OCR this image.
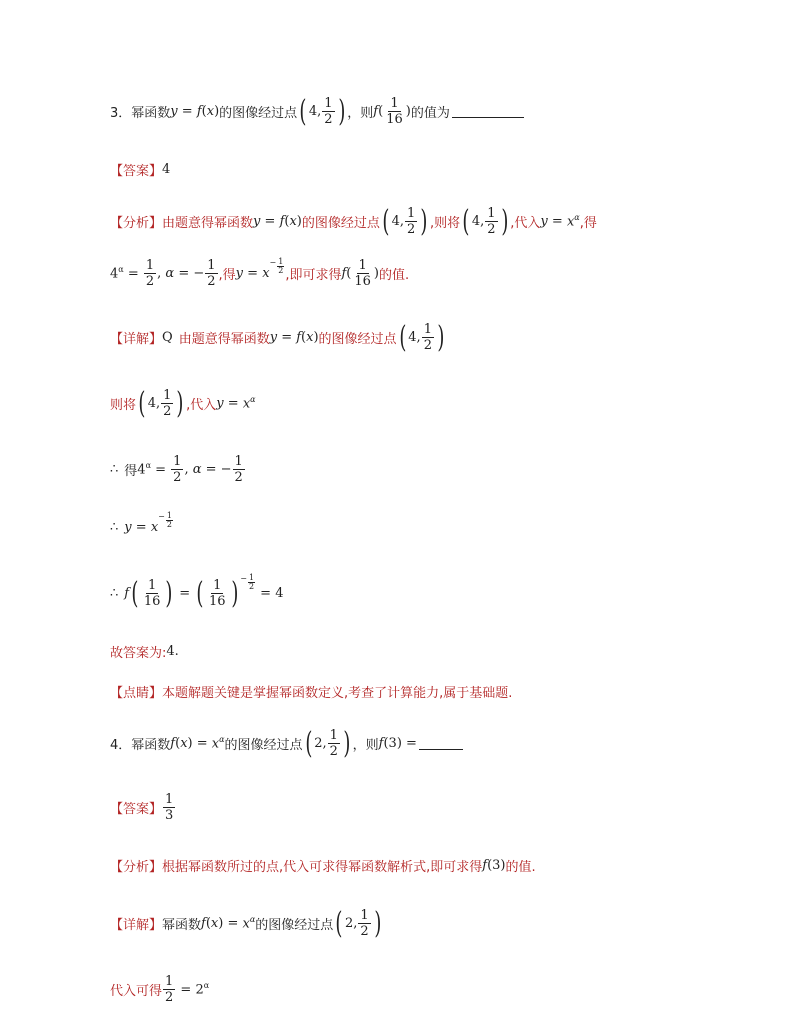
3． 幂函数 y = f ( x ) 的图像经过点 ( 4, $\frac{1}{2}$ ) ，则 f ( $\frac{1}{16}$ ) 的值为
【答案】 4
【分析】 由题意得幂函数 y = f ( x ) 的图像经过点 ( 4, $\frac{1}{2}$ ) ,则将 ( 4, $\frac{1}{2}$ ) ,代入 $y = x^\alpha$ ,得
$4^\alpha = \frac{1}{2}$ , α = − $\frac{1}{2}$ ,得 y = x
− $\frac{1}{2}$
,即可求得 f ( $\frac{1}{16}$ ) 的值.
【详解】 Q 由题意得幂函数 y = f ( x ) 的图像经过点 ( 4, $\frac{1}{2}$ )
则将 ( 4, $\frac{1}{2}$ ) ,代入 $y = x^\alpha$
∴ 得 $4^\alpha = \frac{1}{2}$ , α = − $\frac{1}{2}$
∴ y = x
− $\frac{1}{2}$
∴ f ( $\frac{1}{16}$ ) = ( $\frac{1}{16}$ ) − $\frac{1}{2}$
= 4
故答案为: 4 .
【点睛】 本题解题关键是掌握幂函数定义,考查了计算能力,属于基础题.
4． 幂函数 f ( x ) = $x^\alpha$ 的图像经过点 ( 2, $\frac{1}{2}$ ) ，则 f (3) =
【答案】 $\frac{1}{3}$
【分析】 根据幂函数所过的点,代入可求得幂函数解析式,即可求得 f (3) 的值.
【详解】 幂函数 f ( x ) = $x^\alpha$ 的图像经过点 ( 2, $\frac{1}{2}$ )
代入可得 $\frac{1}{2} = 2^\alpha$
